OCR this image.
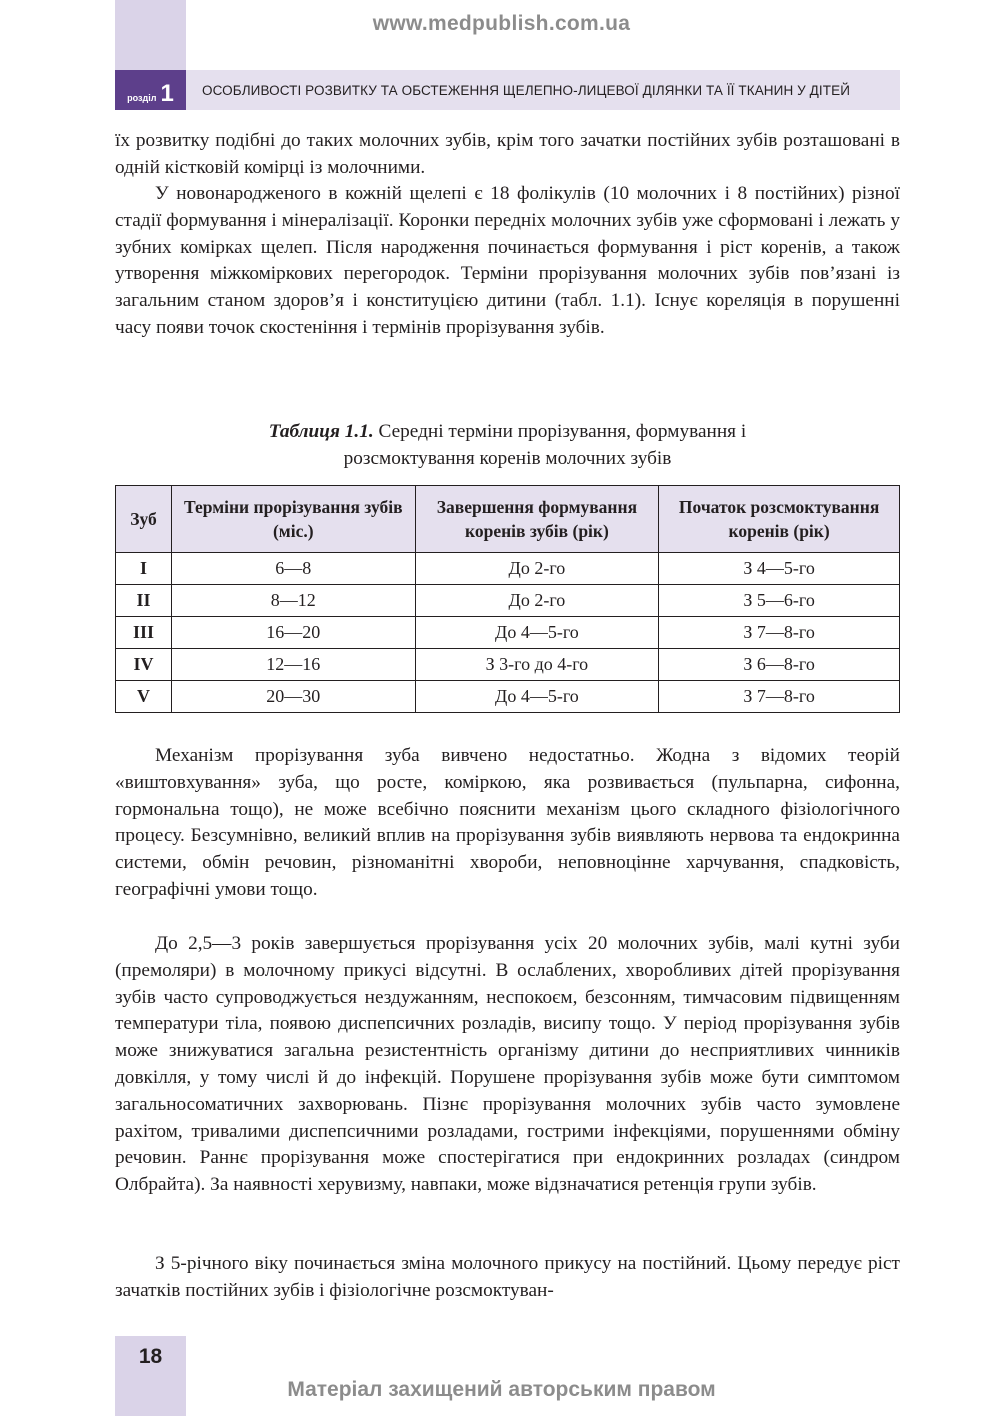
www.medpublish.com.ua
розділ 1 ОСОБЛИВОСТІ РОЗВИТКУ ТА ОБСТЕЖЕННЯ ЩЕЛЕПНО-ЛИЦЕВОЇ ДІЛЯНКИ ТА ЇЇ ТКАНИН У ДІТЕЙ

їх розвитку подібні до таких молочних зубів, крім того зачатки постійних зубів розташовані в одній кістковій комірці із молочними.

У новонародженого в кожній щелепі є 18 фолікулів (10 молочних і 8 постійних) різної стадії формування і мінералізації. Коронки передніх молочних зубів уже сформовані і лежать у зубних комірках щелеп. Після народження починається формування і ріст коренів, а також утворення міжкоміркових перегородок. Терміни прорізування молочних зубів пов’язані із загальним станом здоров’я і конституцією дитини (табл. 1.1). Існує кореляція в порушенні часу появи точок скостеніння і термінів прорізування зубів.

Таблиця 1.1. Середні терміни прорізування, формування і
розсмоктування коренів молочних зубів
Зуб	Терміни прорізування зубів (міс.)	Завершення формування коренів зубів (рік)	Початок розсмоктування коренів (рік)
I	6—8	До 2-го	З 4—5-го
II	8—12	До 2-го	З 5—6-го
III	16—20	До 4—5-го	З 7—8-го
IV	12—16	З 3-го до 4-го	З 6—8-го
V	20—30	До 4—5-го	З 7—8-го

Механізм прорізування зуба вивчено недостатньо. Жодна з відомих теорій «виштовхування» зуба, що росте, коміркою, яка розвивається (пульпарна, сифонна, гормональна тощо), не може всебічно пояснити механізм цього складного фізіологічного процесу. Безсумнівно, великий вплив на прорізування зубів виявляють нервова та ендокринна системи, обмін речовин, різноманітні хвороби, неповноцінне харчування, спадковість, географічні умови тощо.

До 2,5—3 років завершується прорізування усіх 20 молочних зубів, малі кутні зуби (премоляри) в молочному прикусі відсутні. В ослаблених, хворобливих дітей прорізування зубів часто супроводжується нездужанням, неспокоєм, безсонням, тимчасовим підвищенням температури тіла, появою диспепсичних розладів, висипу тощо. У період прорізування зубів може знижуватися загальна резистентність організму дитини до несприятливих чинників довкілля, у тому числі й до інфекцій. Порушене прорізування зубів може бути симптомом загальносоматичних захворювань. Пізнє прорізування молочних зубів часто зумовлене рахітом, тривалими диспепсичними розладами, гострими інфекціями, порушеннями обміну речовин. Раннє прорізування може спостерігатися при ендокринних розладах (синдром Олбрайта). За наявності херувизму, навпаки, може відзначатися ретенція групи зубів.

З 5-річного віку починається зміна молочного прикусу на постійний. Цьому передує ріст зачатків постійних зубів і фізіологічне розсмоктуван-

18
Матеріал захищений авторським правом
